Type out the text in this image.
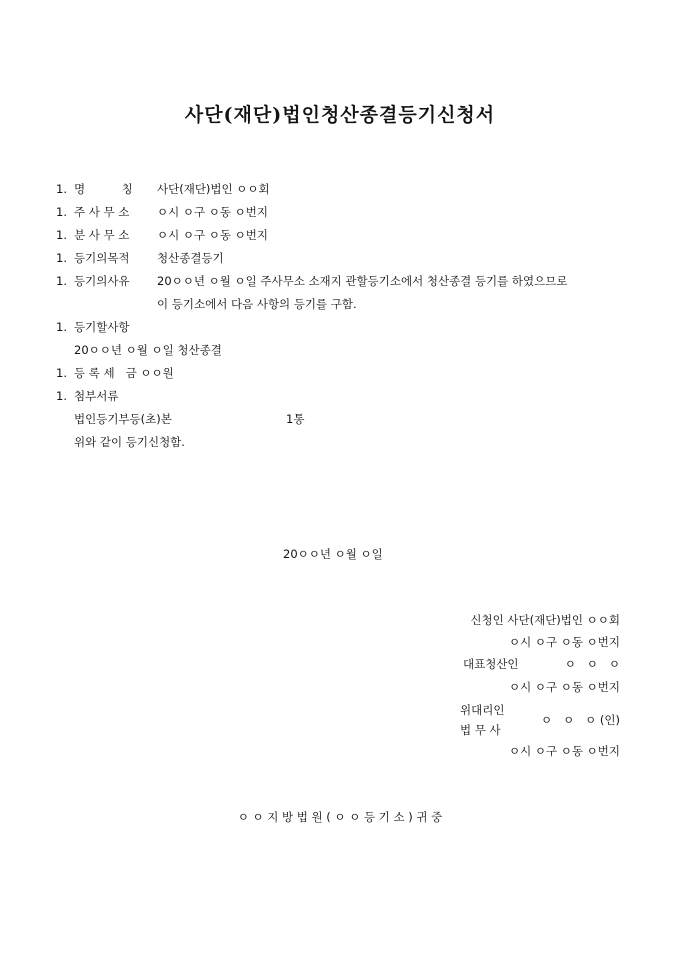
사단(재단)법인청산종결등기신청서
1. 명          칭 사단(재단)법인 ㅇㅇ회
1. 주 사 무 소 ㅇ시 ㅇ구 ㅇ동 ㅇ번지
1. 분 사 무 소 ㅇ시 ㅇ구 ㅇ동 ㅇ번지
1. 등기의목적 청산종결등기
1. 등기의사유 20ㅇㅇ년 ㅇ월 ㅇ일 주사무소 소재지 관할등기소에서 청산종결 등기를 하였으므로
이 등기소에서 다음 사항의 등기를 구함.
1. 등기할사항
20ㅇㅇ년 ㅇ월 ㅇ일 청산종결
1. 등 록 세   금 ㅇㅇ원
1. 첨부서류
법인등기부등(초)본	1통
위와 같이 등기신청함.
20ㅇㅇ년 ㅇ월 ㅇ일
신청인 사단(재단)법인 ㅇㅇ회
ㅇ시 ㅇ구 ㅇ동 ㅇ번지
대표청산인	ㅇ   ㅇ   ㅇ
ㅇ시 ㅇ구 ㅇ동 ㅇ번지
위대리인
법 무 사
ㅇ   ㅇ   ㅇ (인)
ㅇ시 ㅇ구 ㅇ동 ㅇ번지
ㅇ ㅇ 지 방 법 원 ( ㅇ ㅇ 등 기 소 ) 귀 중
